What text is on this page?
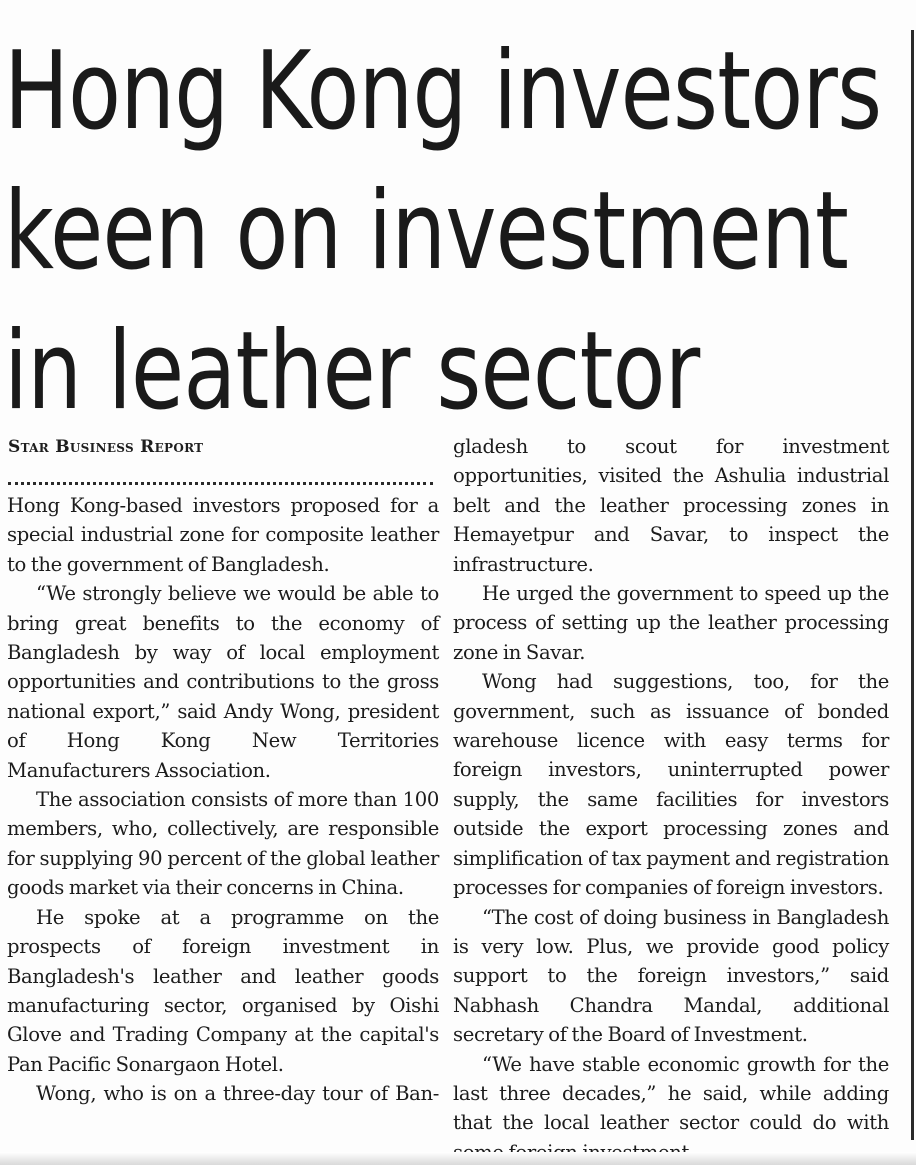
Hong Kong investors
keen on investment
in leather sector
Star Business Report

Hong Kong-based investors proposed for a special industrial zone for composite leather to the government of Bangladesh.

“We strongly believe we would be able to bring great benefits to the economy of Bangladesh by way of local employment opportunities and contributions to the gross national export,” said Andy Wong, president of Hong Kong New Territories Manufacturers Association.

The association consists of more than 100 members, who, collectively, are responsible for supplying 90 percent of the global leather goods market via their concerns in China.

He spoke at a programme on the prospects of foreign investment in Bangladesh's leather and leather goods manufacturing sector, organised by Oishi Glove and Trading Company at the capital's Pan Pacific Sonargaon Hotel.

Wong, who is on a three-day tour of Ban-

gladesh to scout for investment opportunities, visited the Ashulia industrial belt and the leather processing zones in Hemayetpur and Savar, to inspect the infrastructure.

He urged the government to speed up the process of setting up the leather processing zone in Savar.

Wong had suggestions, too, for the government, such as issuance of bonded warehouse licence with easy terms for foreign investors, uninterrupted power supply, the same facilities for investors outside the export processing zones and simplification of tax payment and registration processes for companies of foreign investors.

“The cost of doing business in Bangladesh is very low. Plus, we provide good policy support to the foreign investors,” said Nabhash Chandra Mandal, additional secretary of the Board of Investment.

“We have stable economic growth for the last three decades,” he said, while adding that the local leather sector could do with
